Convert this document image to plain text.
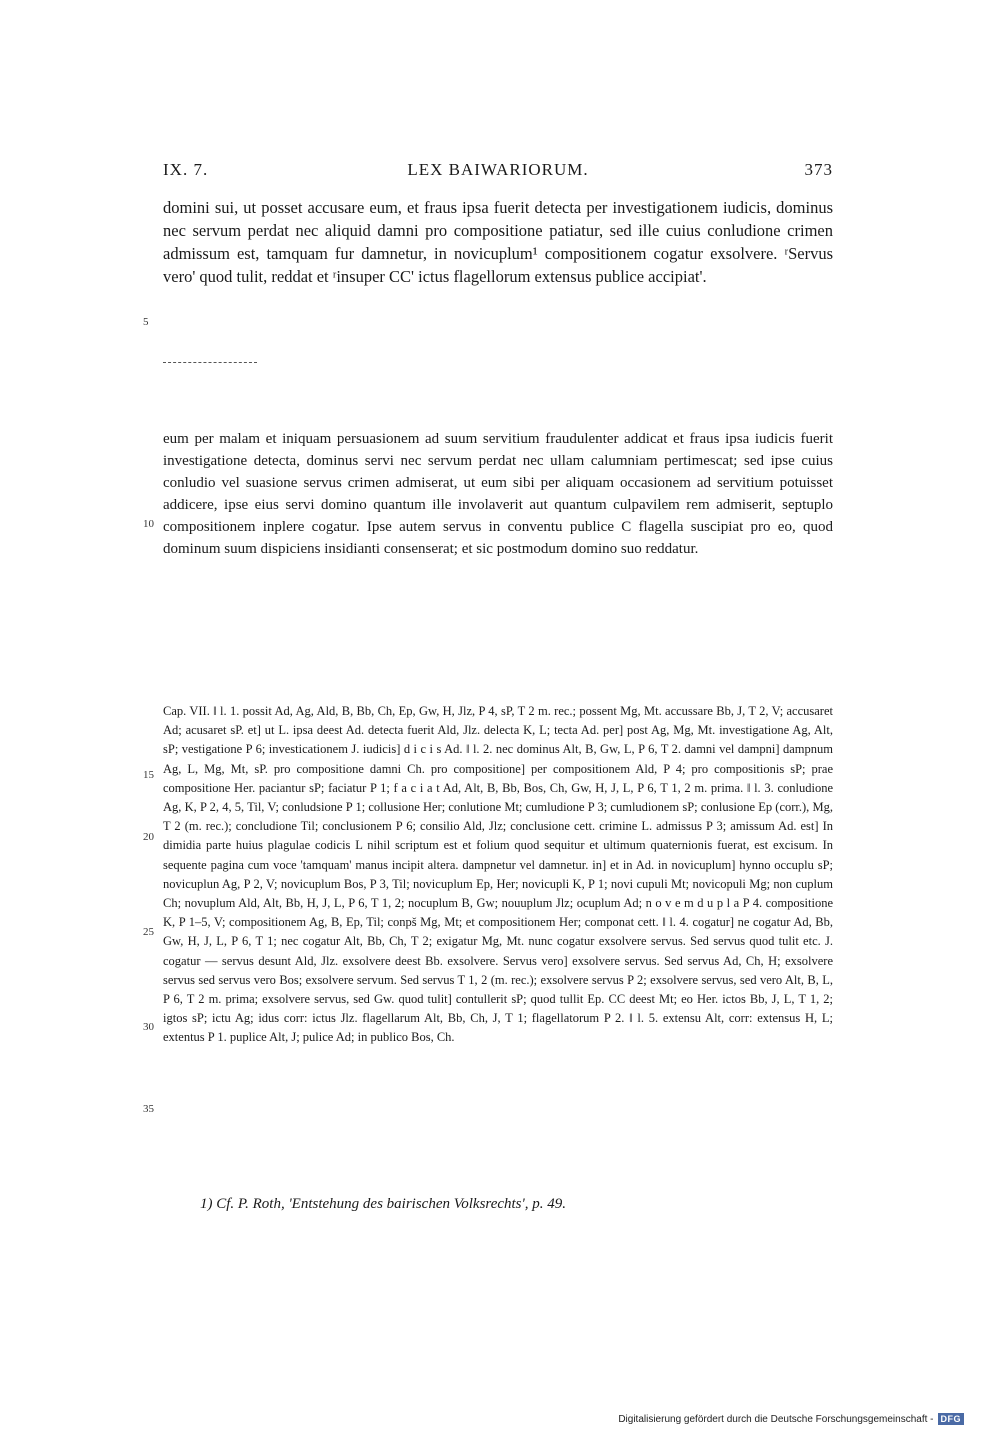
IX. 7.	LEX BAIWARIORUM.	373

domini sui, ut posset accusare eum, et fraus ipsa fuerit detecta per investigationem iudicis, dominus nec servum perdat nec aliquid damni pro compositione patiatur, sed ille cuius conludione crimen admissum est, tamquam fur damnetur, in novicuplum¹ compositionem cogatur exsolvere. ʳServus vero' quod tulit, reddat et ʳinsuper CC' ictus flagellorum extensus publice accipiat'.

eum per malam et iniquam persuasionem ad suum servitium fraudulenter addicat et fraus ipsa iudicis fuerit investigatione detecta, dominus servi nec servum perdat nec ullam calumniam pertimescat; sed ipse cuius conludio vel suasione servus crimen admiserat, ut eum sibi per aliquam occasionem ad servitium potuisset addicere, ipse eius servi domino quantum ille involaverit aut quantum culpavilem rem admiserit, septuplo compositionem inplere cogatur. Ipse autem servus in conventu publice C flagella suscipiat pro eo, quod dominum suum dispiciens insidianti consenserat; et sic postmodum domino suo reddatur.

Cap. VII. ‖ l. 1. possit Ad, Ag, Ald, B, Bb, Ch, Ep, Gw, H, Jlz, P 4, sP, T 2 m. rec.; possent Mg, Mt. accussare Bb, J, T 2, V; accusaret Ad; acusaret sP. et] ut L. ipsa deest Ad. detecta fuerit Ald, Jlz. delecta K, L; tecta Ad. per] post Ag, Mg, Mt. investigatione Ag, Alt, sP; vestigatione P 6; investicationem J. iudicis] d i c i s Ad. ‖ l. 2. nec dominus Alt, B, Gw, L, P 6, T 2. damni vel dampni] dampnum Ag, L, Mg, Mt, sP. pro compositione damni Ch. pro compositione] per compositionem Ald, P 4; pro compositionis sP; prae compositione Her. paciantur sP; faciatur P 1; f a c i a t Ad, Alt, B, Bb, Bos, Ch, Gw, H, J, L, P 6, T 1, 2 m. prima. ‖ l. 3. conludione Ag, K, P 2, 4, 5, Til, V; conludsione P 1; collusione Her; conlutione Mt; cumludione P 3; cumludionem sP; conlusione Ep (corr.), Mg, T 2 (m. rec.); concludione Til; conclusionem P 6; consilio Ald, Jlz; conclusione cett. crimine L. admissus P 3; amissum Ad. est] In dimidia parte huius plagulae codicis L nihil scriptum est et folium quod sequitur et ultimum quaternionis fuerat, est excisum. In sequente pagina cum voce 'tamquam' manus incipit altera. dampnetur vel damnetur. in] et in Ad. in novicuplum] hynno occuplu sP; novicuplun Ag, P 2, V; novicuplum Bos, P 3, Til; novicuplum Ep, Her; novicupli K, P 1; novi cupuli Mt; novicopuli Mg; non cuplum Ch; novuplum Ald, Alt, Bb, H, J, L, P 6, T 1, 2; nocuplum B, Gw; nouuplum Jlz; ocuplum Ad; n o v e m d u p l a P 4. compositione K, P 1–5, V; compositionem Ag, B, Ep, Til; conpš Mg, Mt; et compositionem Her; componat cett. ‖ l. 4. cogatur] ne cogatur Ad, Bb, Gw, H, J, L, P 6, T 1; nec cogatur Alt, Bb, Ch, T 2; exigatur Mg, Mt. nunc cogatur exsolvere servus. Sed servus quod tulit etc. J. cogatur — servus desunt Ald, Jlz. exsolvere deest Bb. exsolvere. Servus vero] exsolvere servus. Sed servus Ad, Ch, H; exsolvere servus sed servus vero Bos; exsolvere servum. Sed servus T 1, 2 (m. rec.); exsolvere servus P 2; exsolvere servus, sed vero Alt, B, L, P 6, T 2 m. prima; exsolvere servus, sed Gw. quod tulit] contullerit sP; quod tullit Ep. CC deest Mt; eo Her. ictos Bb, J, L, T 1, 2; igtos sP; ictu Ag; idus corr: ictus Jlz. flagellarum Alt, Bb, Ch, J, T 1; flagellatorum P 2. ‖ l. 5. extensu Alt, corr: extensus H, L; extentus P 1. puplice Alt, J; pulice Ad; in publico Bos, Ch.

5
10
15
20
25
30
35
1) Cf. P. Roth, 'Entstehung des bairischen Volksrechts', p. 49.
Digitalisierung gefördert durch die Deutsche Forschungsgemeinschaft - DFG
